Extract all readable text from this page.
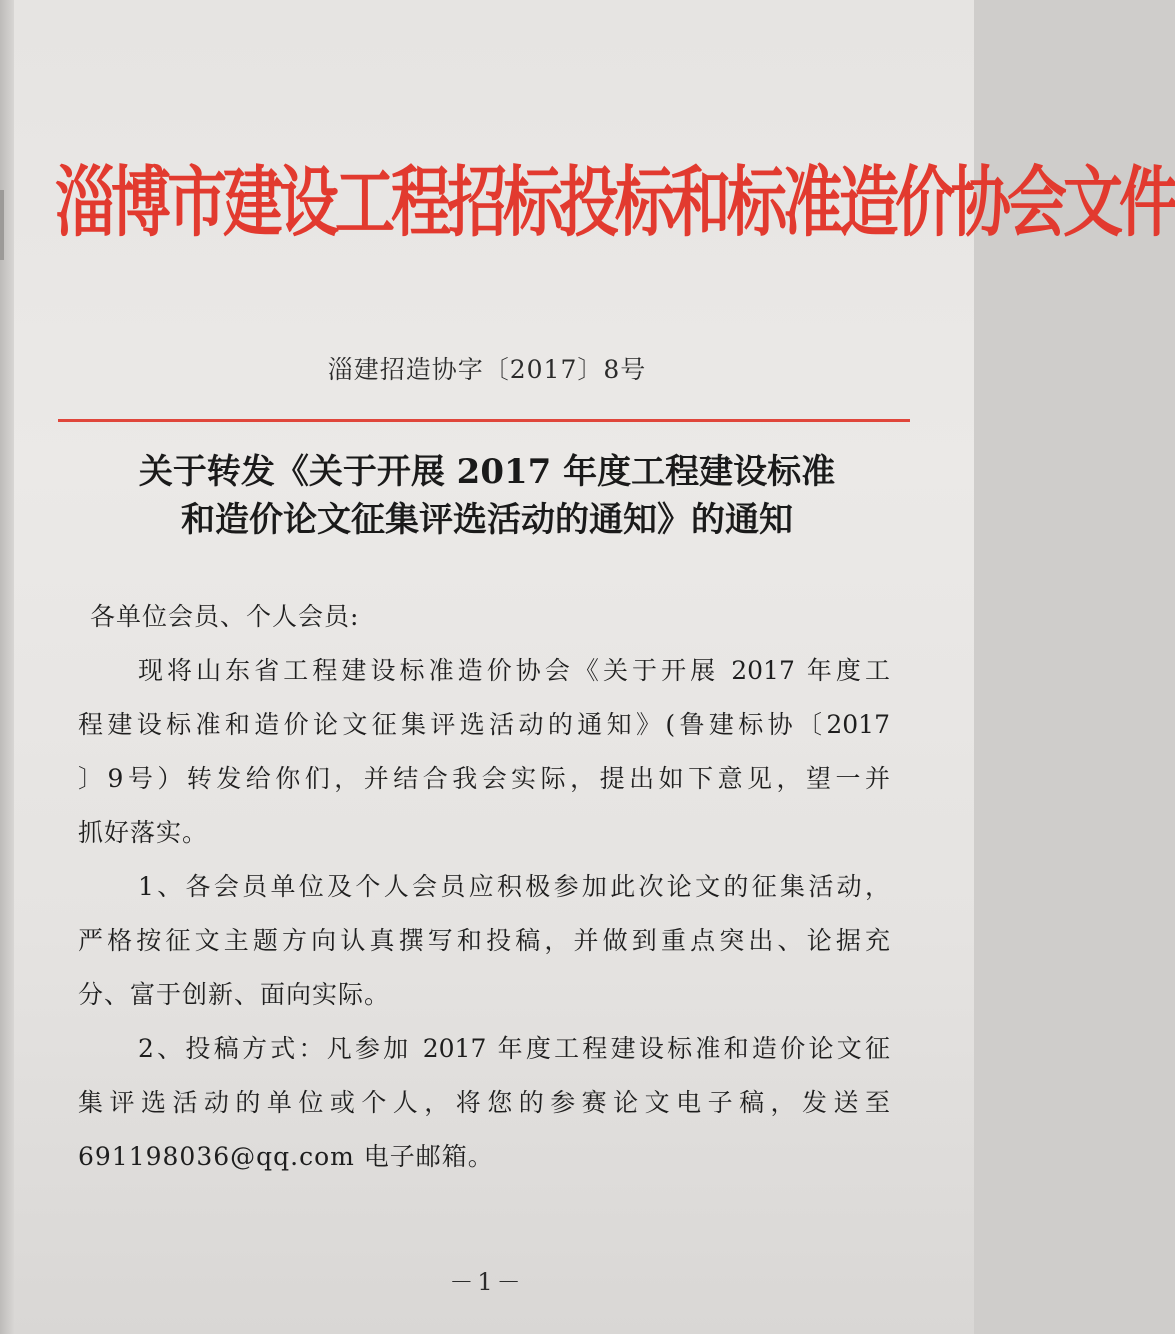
淄博市建设工程招标投标和标准造价协会文件
淄建招造协字〔2017〕8号
关于转发《关于开展 2017 年度工程建设标准
和造价论文征集评选活动的通知》的通知
各单位会员、个人会员:
现将山东省工程建设标准造价协会《关于开展 2017 年度工
程建设标准和造价论文征集评选活动的通知》(鲁建标协〔2017
〕9号）转发给你们，并结合我会实际，提出如下意见，望一并
抓好落实。
1、各会员单位及个人会员应积极参加此次论文的征集活动，
严格按征文主题方向认真撰写和投稿，并做到重点突出、论据充
分、富于创新、面向实际。
2、投稿方式：凡参加 2017 年度工程建设标准和造价论文征
集评选活动的单位或个人，将您的参赛论文电子稿，发送至
691198036@qq.com 电子邮箱。
－1－
